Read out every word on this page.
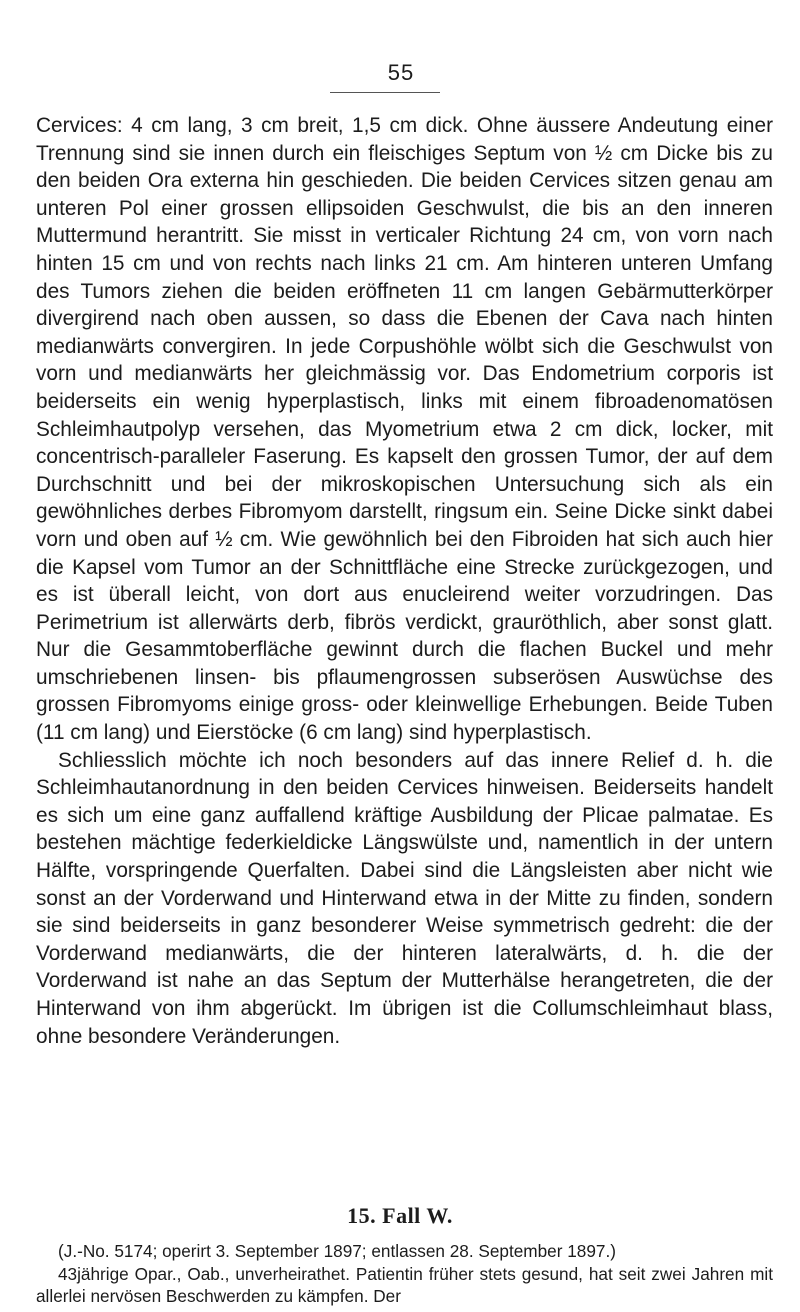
55

Cervices: 4 cm lang, 3 cm breit, 1,5 cm dick. Ohne äussere Andeutung einer Trennung sind sie innen durch ein fleischiges Septum von ½ cm Dicke bis zu den beiden Ora externa hin geschieden. Die beiden Cervices sitzen genau am unteren Pol einer grossen ellipsoiden Geschwulst, die bis an den inneren Muttermund herantritt. Sie misst in verticaler Richtung 24 cm, von vorn nach hinten 15 cm und von rechts nach links 21 cm. Am hinteren unteren Umfang des Tumors ziehen die beiden eröffneten 11 cm langen Gebärmutterkörper divergirend nach oben aussen, so dass die Ebenen der Cava nach hinten medianwärts convergiren. In jede Corpushöhle wölbt sich die Geschwulst von vorn und medianwärts her gleichmässig vor. Das Endometrium corporis ist beiderseits ein wenig hyperplastisch, links mit einem fibroadenomatösen Schleimhautpolyp versehen, das Myometrium etwa 2 cm dick, locker, mit concentrisch-paralleler Faserung. Es kapselt den grossen Tumor, der auf dem Durchschnitt und bei der mikroskopischen Untersuchung sich als ein gewöhnliches derbes Fibromyom darstellt, ringsum ein. Seine Dicke sinkt dabei vorn und oben auf ½ cm. Wie gewöhnlich bei den Fibroiden hat sich auch hier die Kapsel vom Tumor an der Schnittfläche eine Strecke zurückgezogen, und es ist überall leicht, von dort aus enucleirend weiter vorzudringen. Das Perimetrium ist allerwärts derb, fibrös verdickt, grauröthlich, aber sonst glatt. Nur die Gesammtoberfläche gewinnt durch die flachen Buckel und mehr umschriebenen linsen- bis pflaumengrossen subserösen Auswüchse des grossen Fibromyoms einige gross- oder kleinwellige Erhebungen. Beide Tuben (11 cm lang) und Eierstöcke (6 cm lang) sind hyperplastisch.

Schliesslich möchte ich noch besonders auf das innere Relief d. h. die Schleimhautanordnung in den beiden Cervices hinweisen. Beiderseits handelt es sich um eine ganz auffallend kräftige Ausbildung der Plicae palmatae. Es bestehen mächtige federkieldicke Längswülste und, namentlich in der untern Hälfte, vorspringende Querfalten. Dabei sind die Längsleisten aber nicht wie sonst an der Vorderwand und Hinterwand etwa in der Mitte zu finden, sondern sie sind beiderseits in ganz besonderer Weise symmetrisch gedreht: die der Vorderwand medianwärts, die der hinteren lateralwärts, d. h. die der Vorderwand ist nahe an das Septum der Mutterhälse herangetreten, die der Hinterwand von ihm abgerückt. Im übrigen ist die Collumschleimhaut blass, ohne besondere Veränderungen.

15. Fall W.

(J.-No. 5174; operirt 3. September 1897; entlassen 28. September 1897.)

43jährige Opar., Oab., unverheirathet. Patientin früher stets gesund, hat seit zwei Jahren mit allerlei nervösen Beschwerden zu kämpfen. Der
